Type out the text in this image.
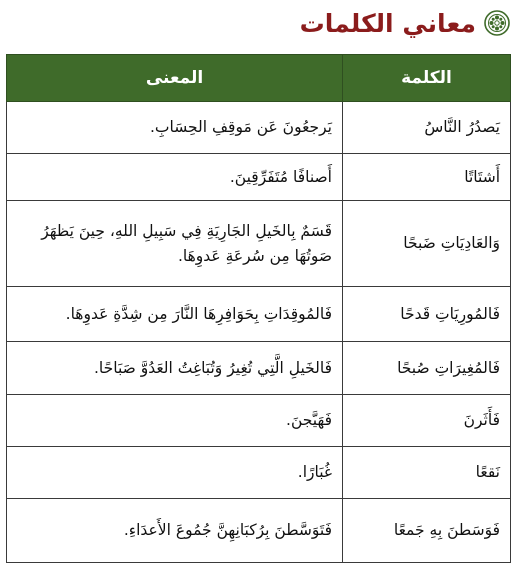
معاني الكلمات
الكلمة	المعنى
يَصدُرُ النَّاسُ	يَرجعُونَ عَن مَوقِفِ الحِسَابِ.
أَشتَاتًا	أَصنافًا مُتَفَرِّقِينَ.
وَالعَادِيَاتِ ضَبحًا	قَسَمٌ بِالخَيلِ الجَارِيَةِ فِي سَبِيلِ اللهِ، حِينَ يَظهَرُ صَوتُهَا مِن سُرعَةِ عَدوِهَا.
فَالمُورِيَاتِ قَدحًا	فَالمُوقِدَاتِ بِحَوَافِرِهَا النَّارَ مِن شِدَّةِ عَدوِهَا.
فَالمُغِيرَاتِ صُبحًا	فَالخَيلِ الَّتِي تُغِيرُ وَتُبَاغِتُ العَدُوَّ صَبَاحًا.
فَأَثَرنَ	فَهَيَّجنَ.
نَقعًا	غُبَارًا.
فَوَسَطنَ بِهِ جَمعًا	فَتَوَسَّطنَ بِرُكبَانِهِنَّ جُمُوعَ الأَعدَاءِ.
